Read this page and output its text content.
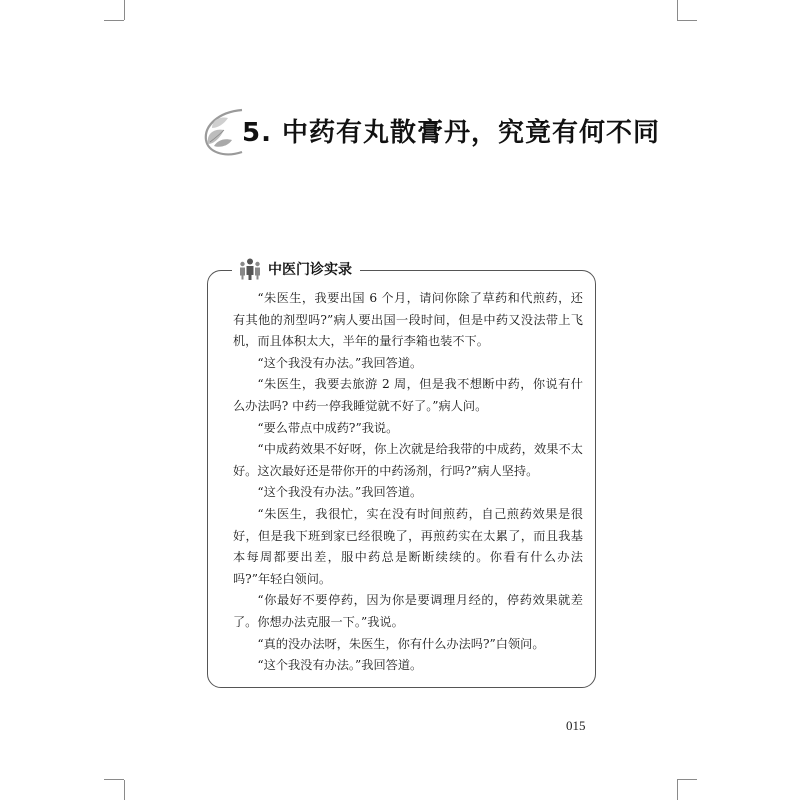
5. 中药有丸散膏丹，究竟有何不同
中医门诊实录

“朱医生，我要出国 6 个月，请问你除了草药和代煎药，还有其他的剂型吗?”病人要出国一段时间，但是中药又没法带上飞机，而且体积太大，半年的量行李箱也装不下。

“这个我没有办法。”我回答道。

“朱医生，我要去旅游 2 周，但是我不想断中药，你说有什么办法吗? 中药一停我睡觉就不好了。”病人问。

“要么带点中成药?”我说。

“中成药效果不好呀，你上次就是给我带的中成药，效果不太好。这次最好还是带你开的中药汤剂，行吗?”病人坚持。

“这个我没有办法。”我回答道。

“朱医生，我很忙，实在没有时间煎药，自己煎药效果是很好，但是我下班到家已经很晚了，再煎药实在太累了，而且我基本每周都要出差，服中药总是断断续续的。你看有什么办法吗?”年轻白领问。

“你最好不要停药，因为你是要调理月经的，停药效果就差了。你想办法克服一下。”我说。

“真的没办法呀，朱医生，你有什么办法吗?”白领问。

“这个我没有办法。”我回答道。

015
